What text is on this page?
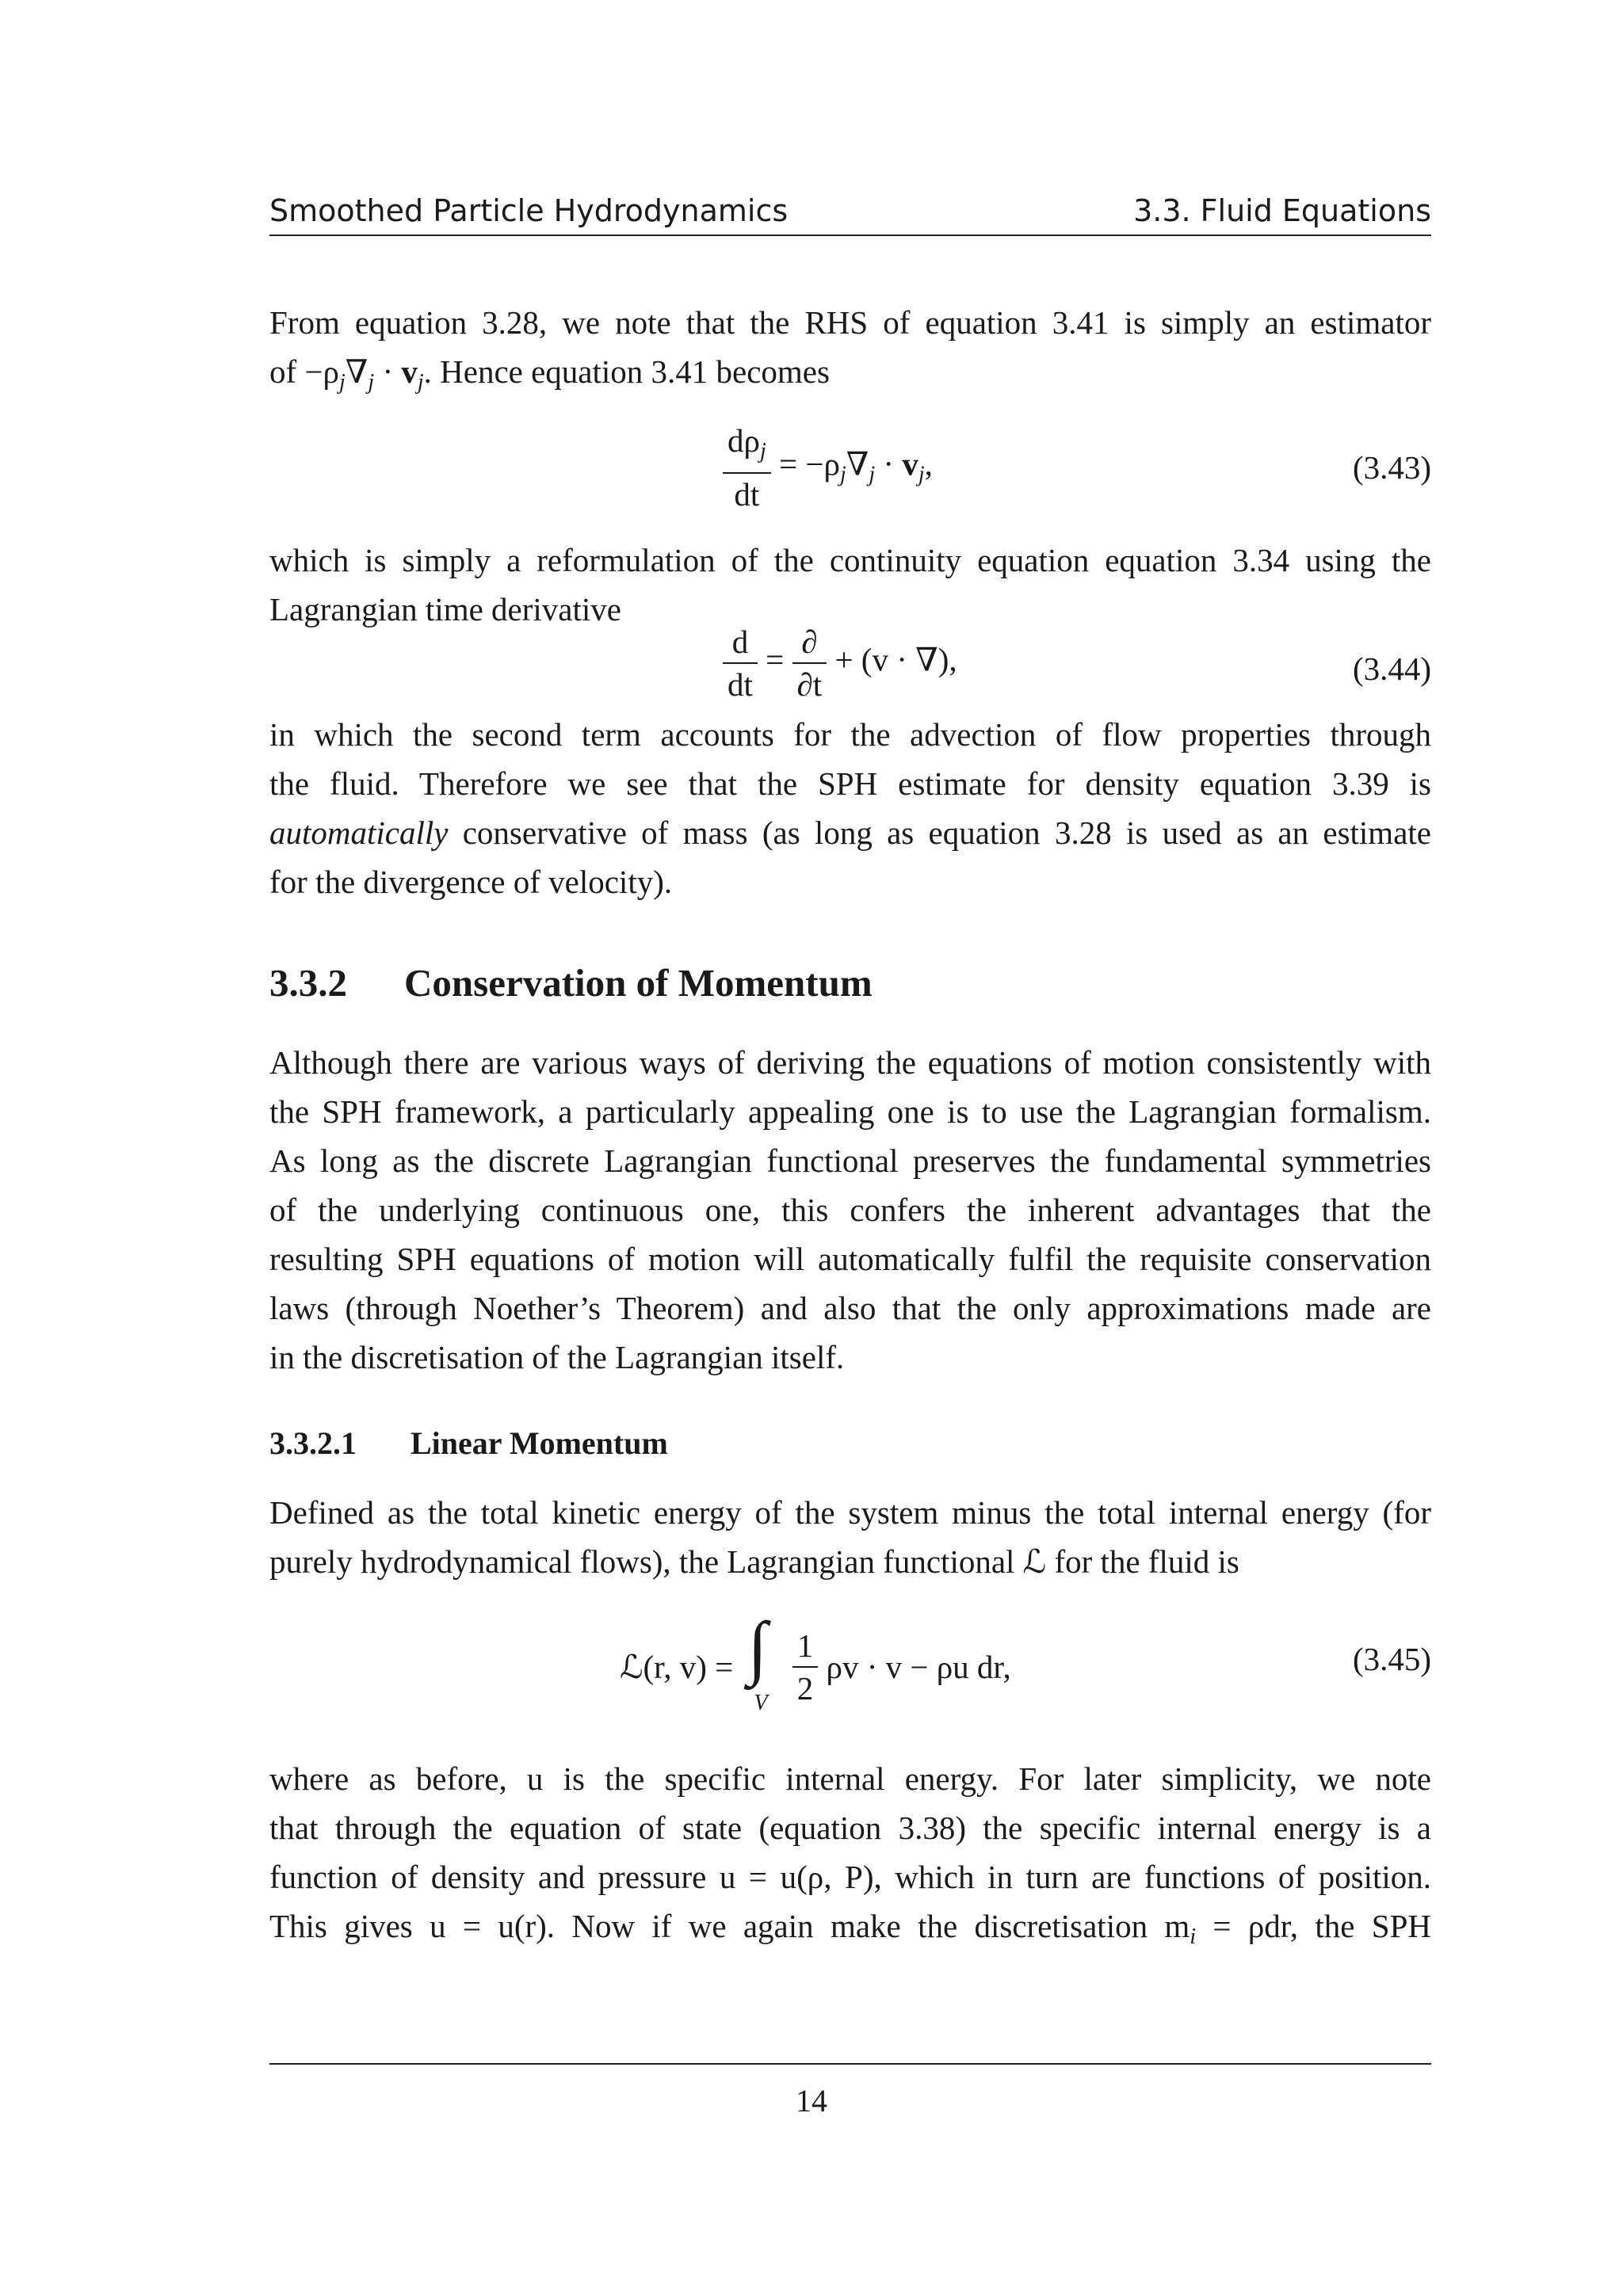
Smoothed Particle Hydrodynamics	3.3. Fluid Equations
From equation 3.28, we note that the RHS of equation 3.41 is simply an estimator
of $-\rho_j\nabla_j \cdot v_j$. Hence equation 3.41 becomes
$\frac{d\rho_j}{dt} = -\rho_j\nabla_j \cdot v_j$,	(3.43)
which is simply a reformulation of the continuity equation equation 3.34 using the
Lagrangian time derivative
$\frac{d}{dt} = \frac{\partial}{\partial t} + (v$ · ∇),	(3.44)
in which the second term accounts for the advection of flow properties through
the fluid. Therefore we see that the SPH estimate for density equation 3.39 is
automatically conservative of mass (as long as equation 3.28 is used as an estimate
for the divergence of velocity).
3.3.2 Conservation of Momentum
Although there are various ways of deriving the equations of motion consistently with
the SPH framework, a particularly appealing one is to use the Lagrangian formalism.
As long as the discrete Lagrangian functional preserves the fundamental symmetries
of the underlying continuous one, this confers the inherent advantages that the
resulting SPH equations of motion will automatically fulfil the requisite conservation
laws (through Noether’s Theorem) and also that the only approximations made are
in the discretisation of the Lagrangian itself.
3.3.2.1 Linear Momentum
Defined as the total kinetic energy of the system minus the total internal energy (for
purely hydrodynamical flows), the Lagrangian functional ℒ for the fluid is
ℒ(r, v) = ∫
V
$\frac{1}{2}$ ρv · v − ρu dr,	(3.45)
where as before, u is the specific internal energy. For later simplicity, we note
that through the equation of state (equation 3.38) the specific internal energy is a
function of density and pressure u = u(ρ, P), which in turn are functions of position.
This gives u = u(r). Now if we again make the discretisation $m_i = \rho dr$, the SPH
14
